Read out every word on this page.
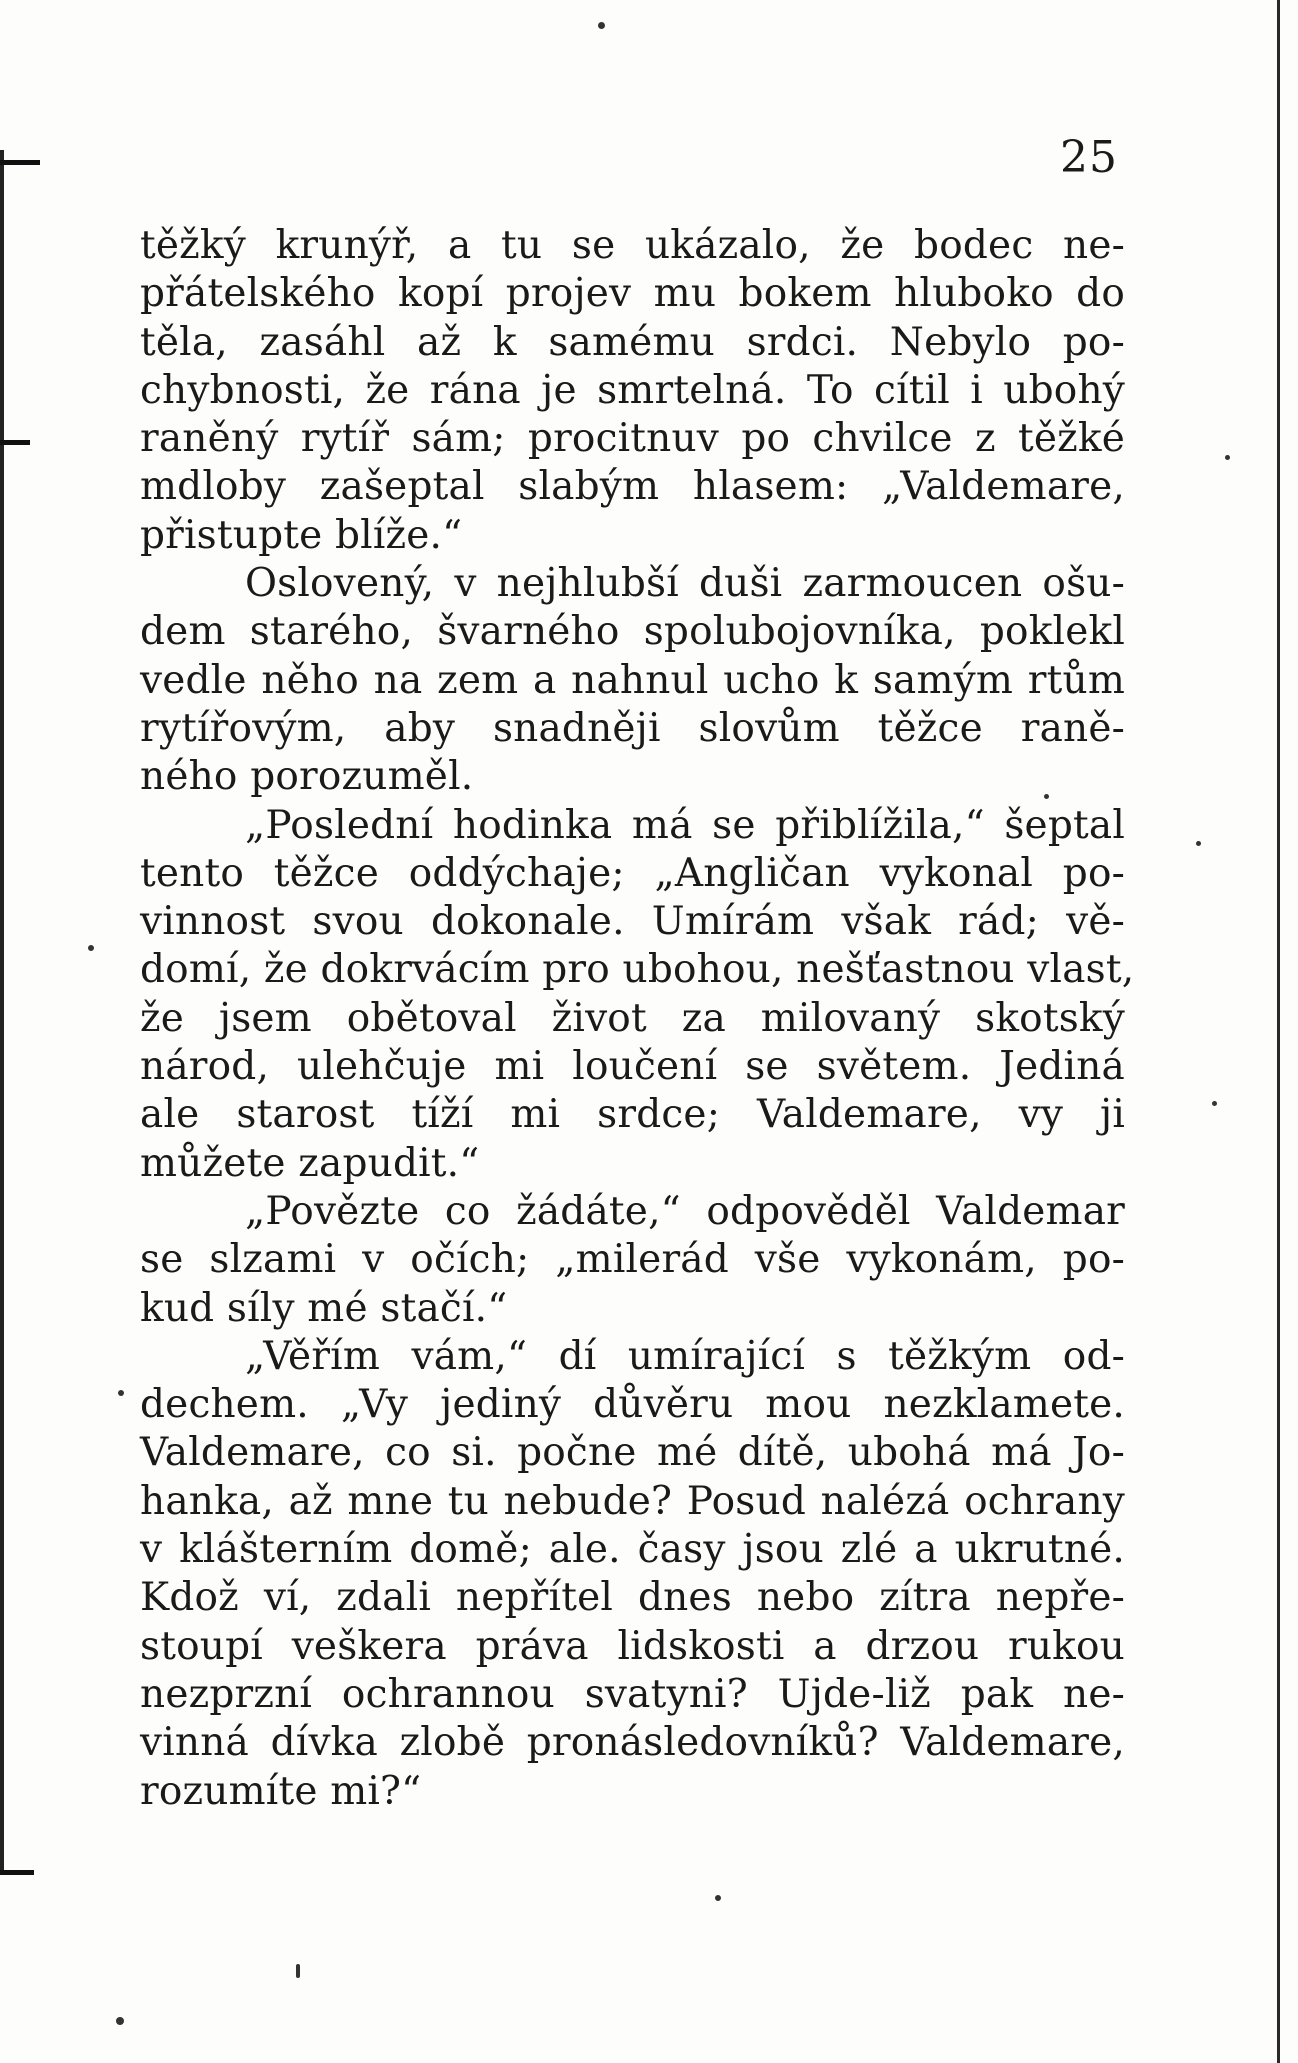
25
těžký krunýř, a tu se ukázalo, že bodec ne-
přátelského kopí projev mu bokem hluboko do
těla, zasáhl až k samému srdci. Nebylo po-
chybnosti, že rána je smrtelná. To cítil i ubohý
raněný rytíř sám; procitnuv po chvilce z těžké
mdloby zašeptal slabým hlasem: „Valdemare,
přistupte blíže.“
Oslovený, v nejhlubší duši zarmoucen ošu-
dem starého, švarného spolubojovníka, poklekl
vedle něho na zem a nahnul ucho k samým rtům
rytířovým, aby snadněji slovům těžce raně-
ného porozuměl.
„Poslední hodinka má se přiblížila,“ šeptal
tento těžce oddýchaje; „Angličan vykonal po-
vinnost svou dokonale. Umírám však rád; vě-
domí, že dokrvácím pro ubohou, nešťastnou vlast,
že jsem obětoval život za milovaný skotský
národ, ulehčuje mi loučení se světem. Jediná
ale starost tíží mi srdce; Valdemare, vy ji
můžete zapudit.“
„Povězte co žádáte,“ odpověděl Valdemar
se slzami v očích; „milerád vše vykonám, po-
kud síly mé stačí.“
„Věřím vám,“ dí umírající s těžkým od-
dechem. „Vy jediný důvěru mou nezklamete.
Valdemare, co si. počne mé dítě, ubohá má Jo-
hanka, až mne tu nebude? Posud nalézá ochrany
v klášterním domě; ale. časy jsou zlé a ukrutné.
Kdož ví, zdali nepřítel dnes nebo zítra nepře-
stoupí veškera práva lidskosti a drzou rukou
nezprzní ochrannou svatyni? Ujde-liž pak ne-
vinná dívka zlobě pronásledovníků? Valdemare,
rozumíte mi?“
